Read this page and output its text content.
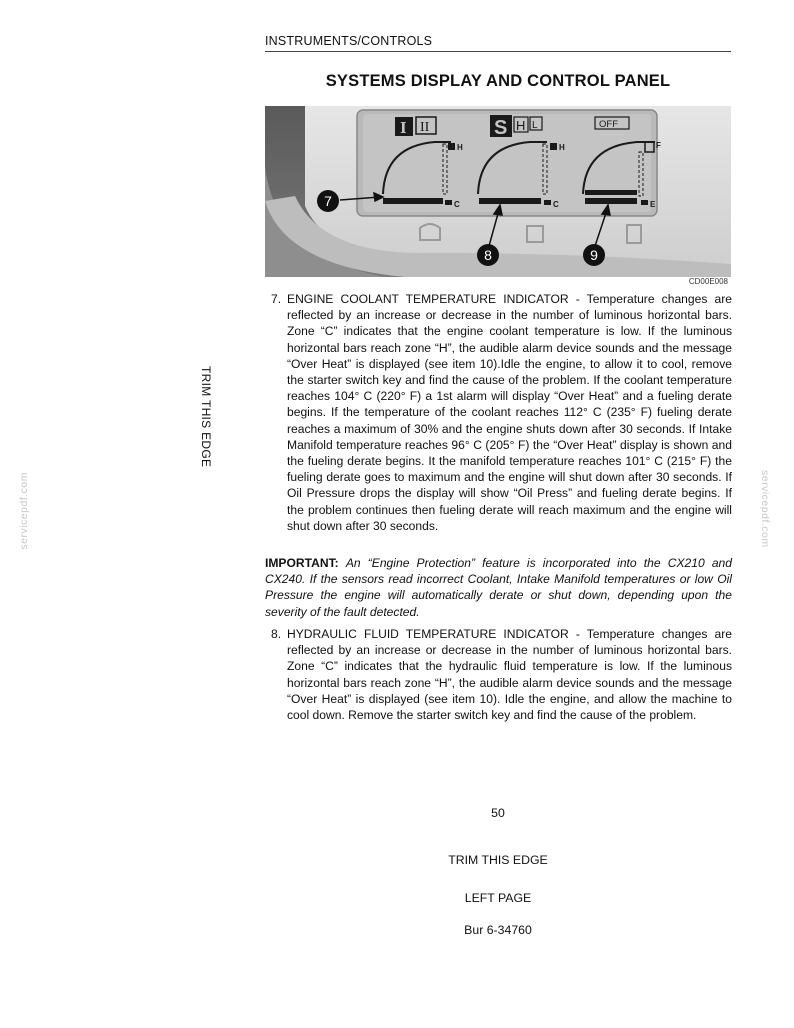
INSTRUMENTS/CONTROLS
SYSTEMS DISPLAY AND CONTROL PANEL
I II	S H L	OFF
H
C
H
C
F
E
7
8	9
CD00E008
7. ENGINE COOLANT TEMPERATURE INDICATOR - Temperature changes are reflected by an increase or decrease in the number of luminous horizontal bars. Zone “C” indicates that the engine coolant temperature is low. If the luminous horizontal bars reach zone “H”, the audible alarm device sounds and the message “Over Heat” is displayed (see item 10).Idle the engine, to allow it to cool, remove the starter switch key and find the cause of the problem. If the coolant temperature reaches 104° C (220° F) a 1st alarm will display “Over Heat” and a fueling derate begins. If the temperature of the coolant reaches 112° C (235° F) fueling derate reaches a maximum of 30% and the engine shuts down after 30 seconds. If Intake Manifold temperature reaches 96° C (205° F) the “Over Heat” display is shown and the fueling derate begins. It the manifold temperature reaches 101° C (215° F) the fueling derate goes to maximum and the engine will shut down after 30 seconds. If Oil Pressure drops the display will show “Oil Press” and fueling derate begins. If the problem continues then fueling derate will reach maximum and the engine will shut down after 30 seconds.
IMPORTANT: An “Engine Protection” feature is incorporated into the CX210 and CX240. If the sensors read incorrect Coolant, Intake Manifold temperatures or low Oil Pressure the engine will automatically derate or shut down, depending upon the severity of the fault detected.
8. HYDRAULIC FLUID TEMPERATURE INDICATOR - Temperature changes are reflected by an increase or decrease in the number of luminous horizontal bars. Zone “C” indicates that the hydraulic fluid temperature is low. If the luminous horizontal bars reach zone “H”, the audible alarm device sounds and the message “Over Heat” is displayed (see item 10). Idle the engine, and allow the machine to cool down. Remove the starter switch key and find the cause of the problem.
TRIM THIS EDGE
servicepdf.com	servicepdf.com
50
TRIM THIS EDGE
LEFT PAGE
Bur 6-34760
